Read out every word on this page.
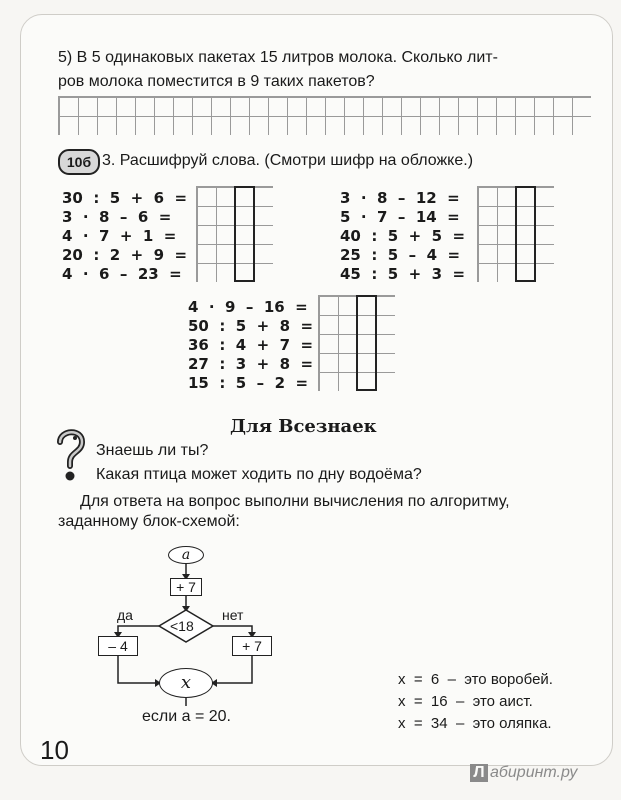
5) В 5 одинаковых пакетах 15 литров молока. Сколько лит-
ров молока поместится в 9 таких пакетов?
10б 3. Расшифруй слова. (Смотри шифр на обложке.)
30  :  5  +  6  =
3  ·  8  –  6  =
4  ·  7  +  1  =
20  :  2  +  9  =
4  ·  6  –  23  =
3  ·  8  –  12  =
5  ·  7  –  14  =
40  :  5  +  5  =
25  :  5  –  4  =
45  :  5  +  3  =
4  ·  9  –  16  =
50  :  5  +  8  =
36  :  4  +  7  =
27  :  3  +  8  =
15  :  5  –  2  =
Для Всезнаек
Знаешь ли ты?
Какая птица может ходить по дну водоёма?
Для ответа на вопрос выполни вычисления по алгоритму,
заданному блок-схемой:
a
+ 7
<18
да	нет
– 4	+ 7
x
если a = 20.
x  =  6  –  это воробей.
x  =  16  –  это аист.
x  =  34  –  это оляпка.
10
Л абиринт.ру
